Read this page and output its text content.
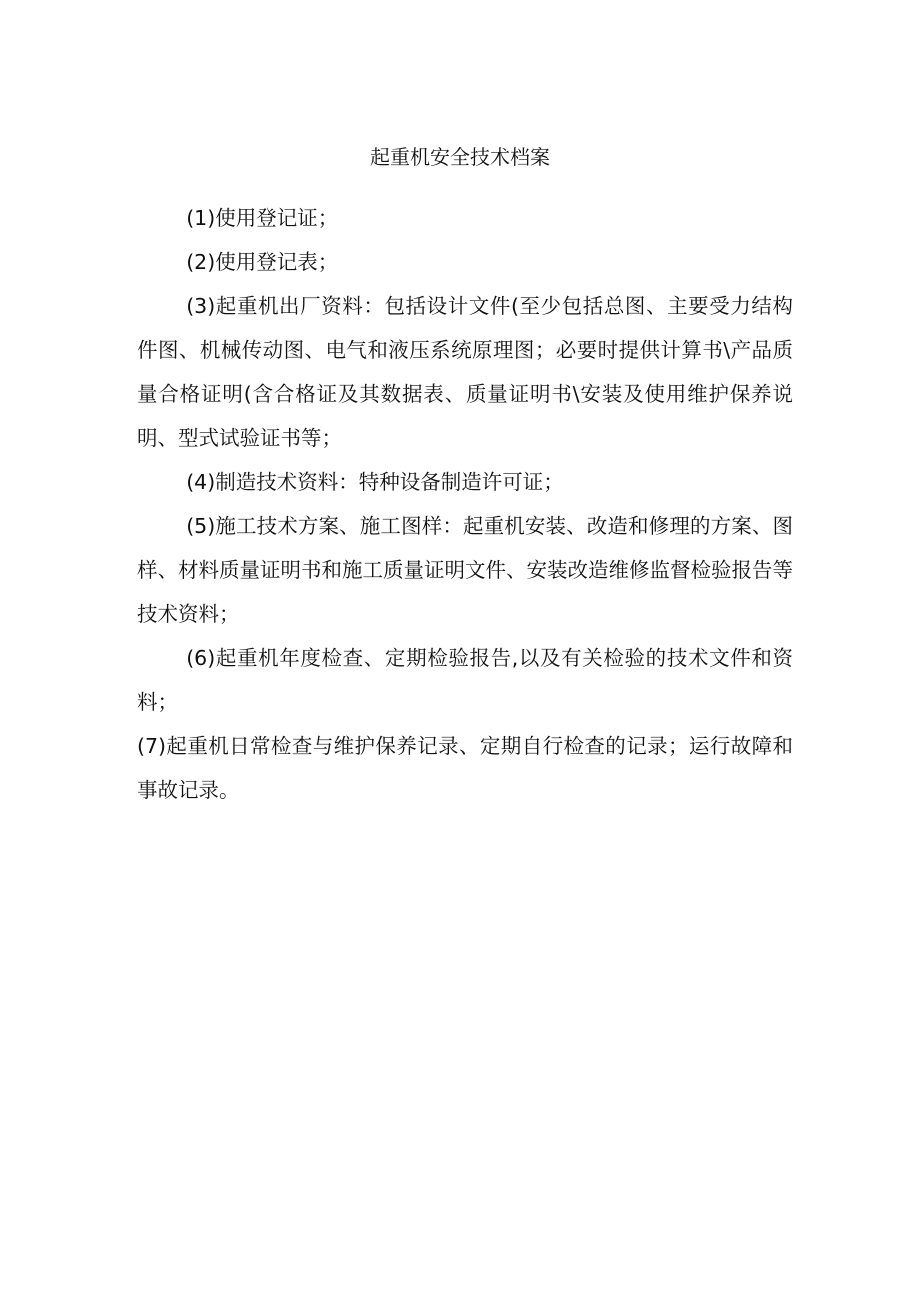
起重机安全技术档案

(1)使用登记证；

(2)使用登记表；

(3)起重机出厂资料：包括设计文件(至少包括总图、主要受力结构件图、机械传动图、电气和液压系统原理图；必要时提供计算书\产品质量合格证明(含合格证及其数据表、质量证明书\安装及使用维护保养说明、型式试验证书等；

(4)制造技术资料：特种设备制造许可证；

(5)施工技术方案、施工图样：起重机安装、改造和修理的方案、图样、材料质量证明书和施工质量证明文件、安装改造维修监督检验报告等技术资料；

(6)起重机年度检查、定期检验报告,以及有关检验的技术文件和资料；

(7)起重机日常检查与维护保养记录、定期自行检查的记录；运行故障和事故记录。
